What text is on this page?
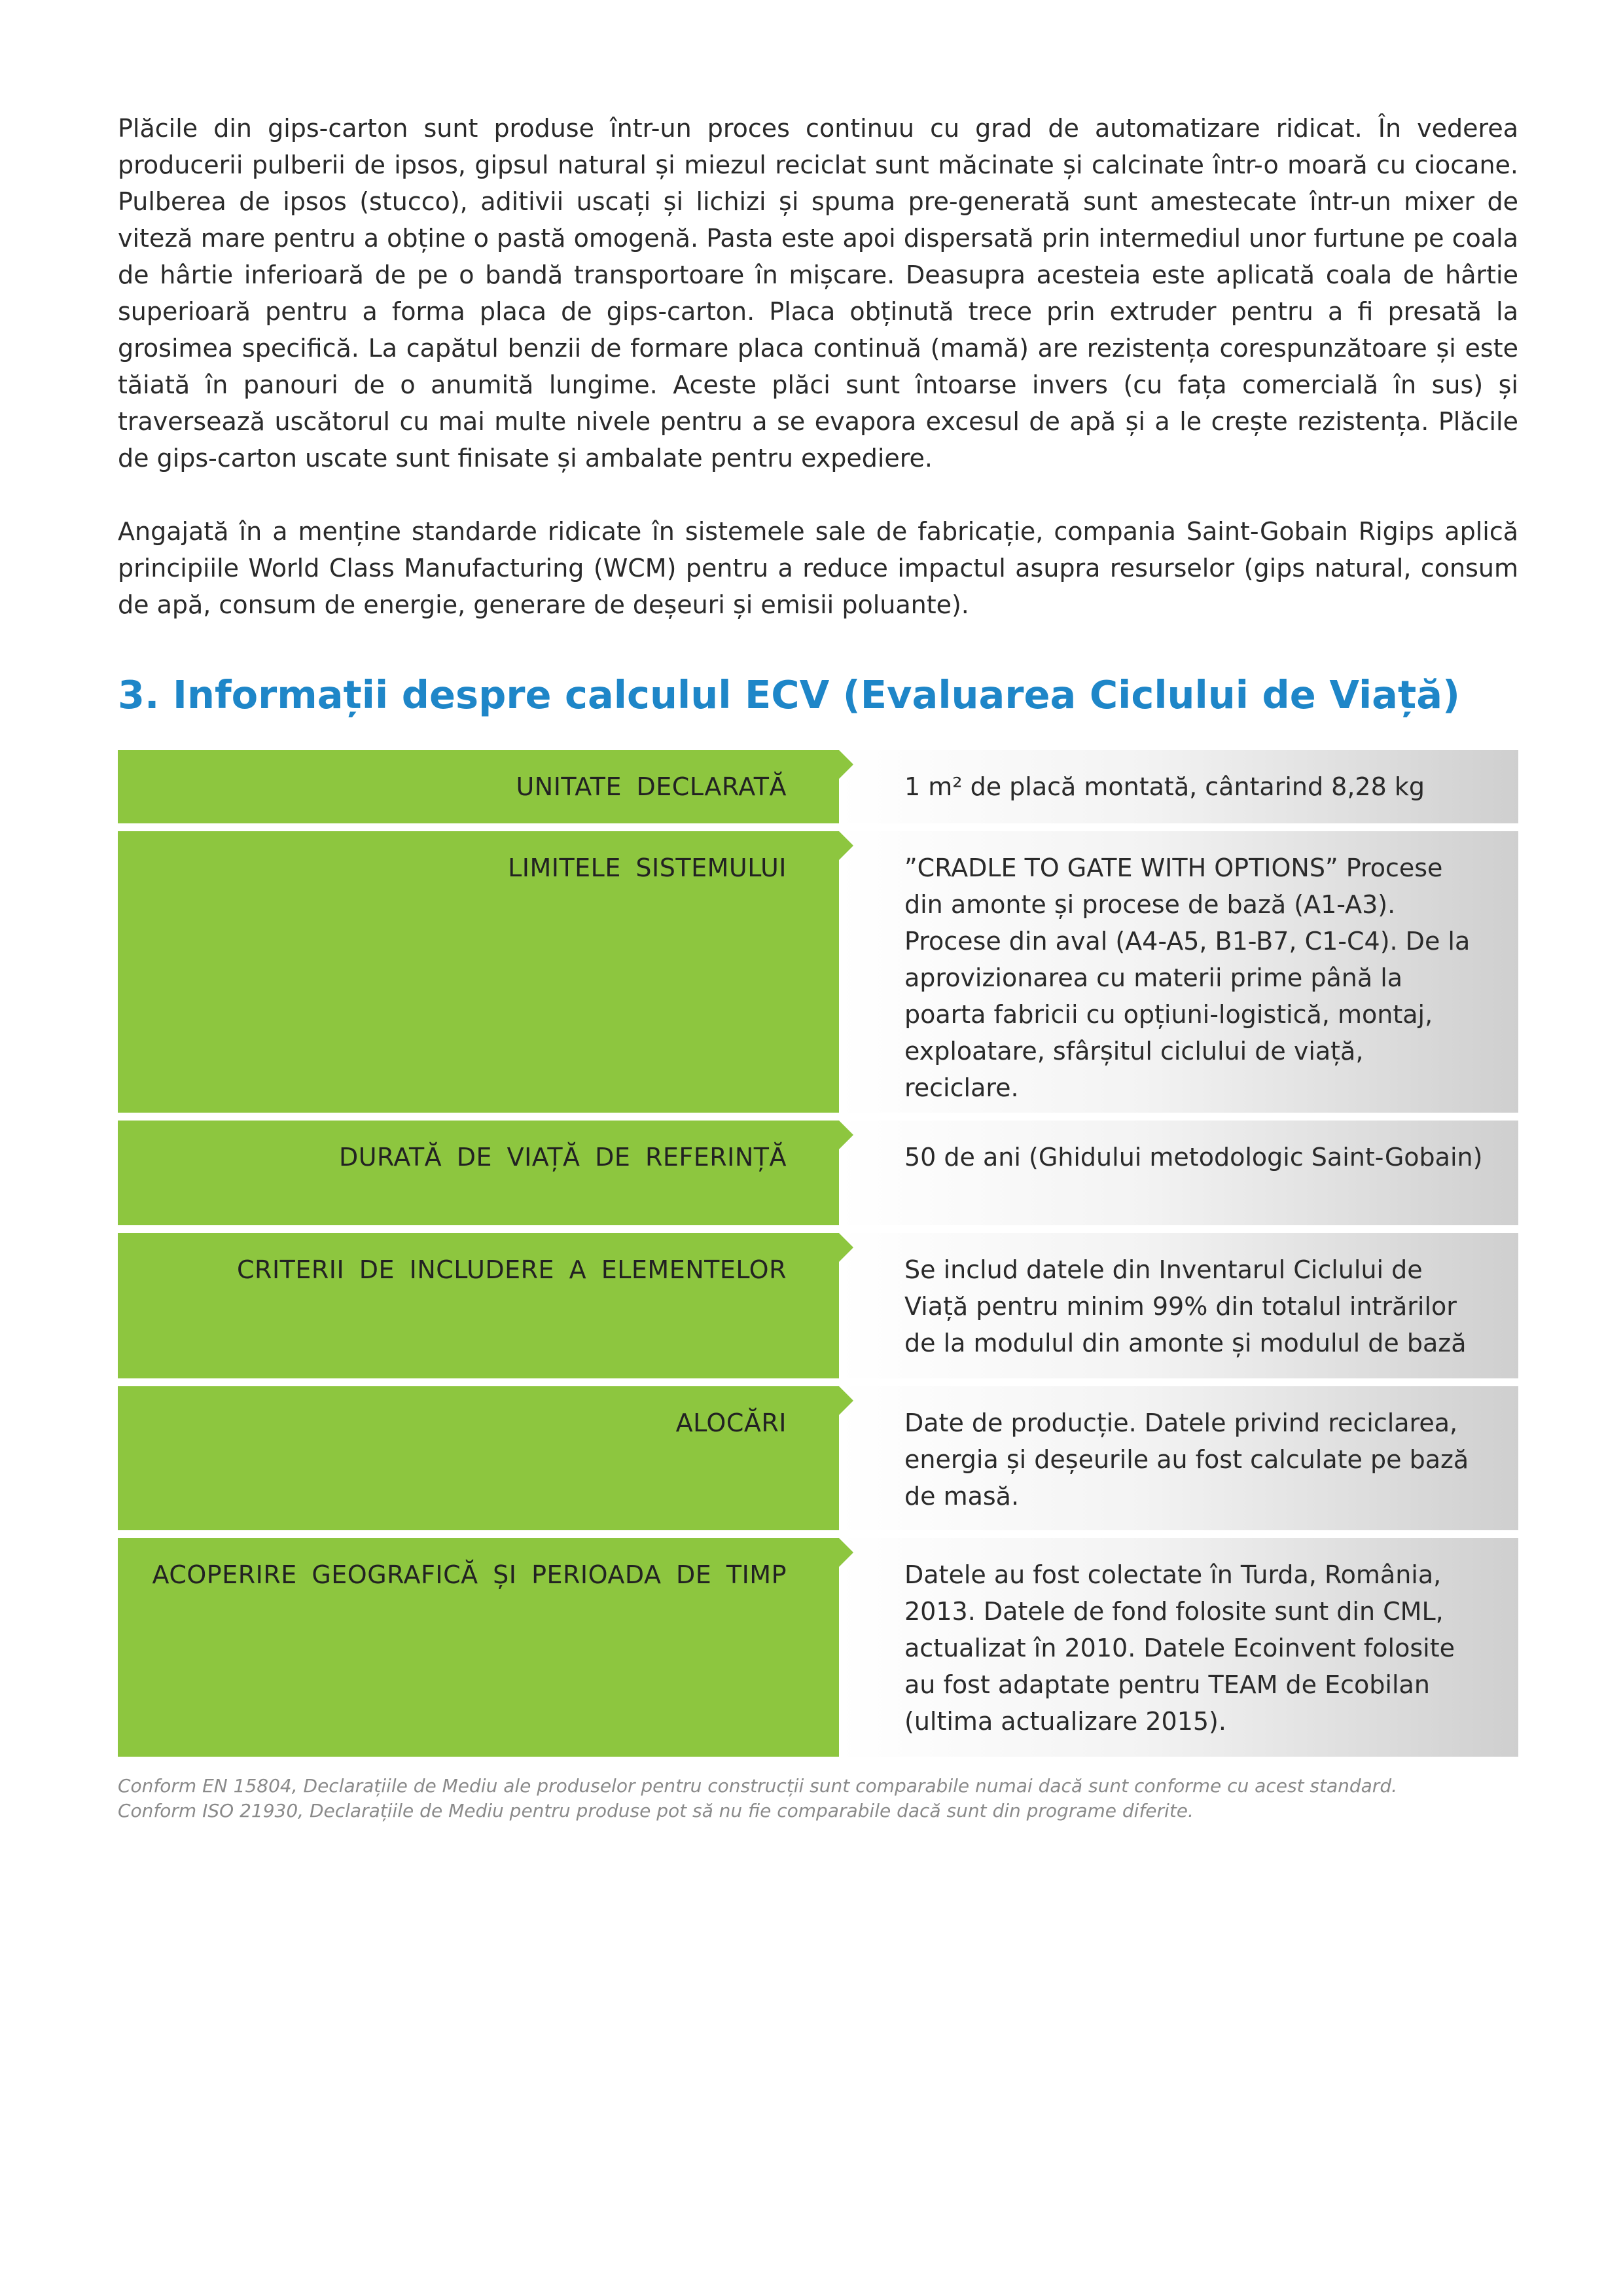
Plăcile din gips-carton sunt produse într-un proces continuu cu grad de automatizare ridicat. În vederea producerii pulberii de ipsos, gipsul natural și miezul reciclat sunt măcinate și calcinate într-o moară cu ciocane. Pulberea de ipsos (stucco), aditivii uscați și lichizi și spuma pre-generată sunt amestecate într-un mixer de viteză mare pentru a obține o pastă omogenă. Pasta este apoi dispersată prin intermediul unor furtune pe coala de hârtie inferioară de pe o bandă transportoare în mișcare. Deasupra acesteia este aplicată coala de hârtie superioară pentru a forma placa de gips-carton. Placa obținută trece prin extruder pentru a fi presată la grosimea specifică. La capătul benzii de formare placa continuă (mamă) are rezistența corespunzătoare și este tăiată în panouri de o anumită lungime. Aceste plăci sunt întoarse invers (cu fața comercială în sus) și traversează uscătorul cu mai multe nivele pentru a se evapora excesul de apă și a le crește rezistența. Plăcile de gips-carton uscate sunt finisate și ambalate pentru expediere.

Angajată în a menține standarde ridicate în sistemele sale de fabricație, compania Saint-Gobain Rigips aplică principiile World Class Manufacturing (WCM) pentru a reduce impactul asupra resurselor (gips natural, consum de apă, consum de energie, generare de deșeuri și emisii poluante).

3. Informații despre calculul ECV (Evaluarea Ciclului de Viață)
UNITATE DECLARATĂ	1 m² de placă montată, cântarind 8,28 kg
LIMITELE SISTEMULUI	”CRADLE TO GATE WITH OPTIONS” Procese din amonte și procese de bază (A1-A3). Procese din aval (A4-A5, B1-B7, C1-C4). De la aprovizionarea cu materii prime până la poarta fabricii cu opțiuni-logistică, montaj, exploatare, sfârșitul ciclului de viață, reciclare.
DURATĂ DE VIAȚĂ DE REFERINȚĂ	50 de ani (Ghidului metodologic Saint-Gobain)
CRITERII DE INCLUDERE A ELEMENTELOR	Se includ datele din Inventarul Ciclului de Viață pentru minim 99% din totalul intrărilor de la modulul din amonte și modulul de bază
ALOCĂRI	Date de producție. Datele privind reciclarea, energia și deșeurile au fost calculate pe bază de masă.
ACOPERIRE GEOGRAFICĂ ȘI PERIOADA DE TIMP	Datele au fost colectate în Turda, România, 2013. Datele de fond folosite sunt din CML, actualizat în 2010. Datele Ecoinvent folosite au fost adaptate pentru TEAM de Ecobilan (ultima actualizare 2015).

Conform EN 15804, Declarațiile de Mediu ale produselor pentru construcții sunt comparabile numai dacă sunt conforme cu acest standard.

Conform ISO 21930, Declarațiile de Mediu pentru produse pot să nu fie comparabile dacă sunt din programe diferite.
